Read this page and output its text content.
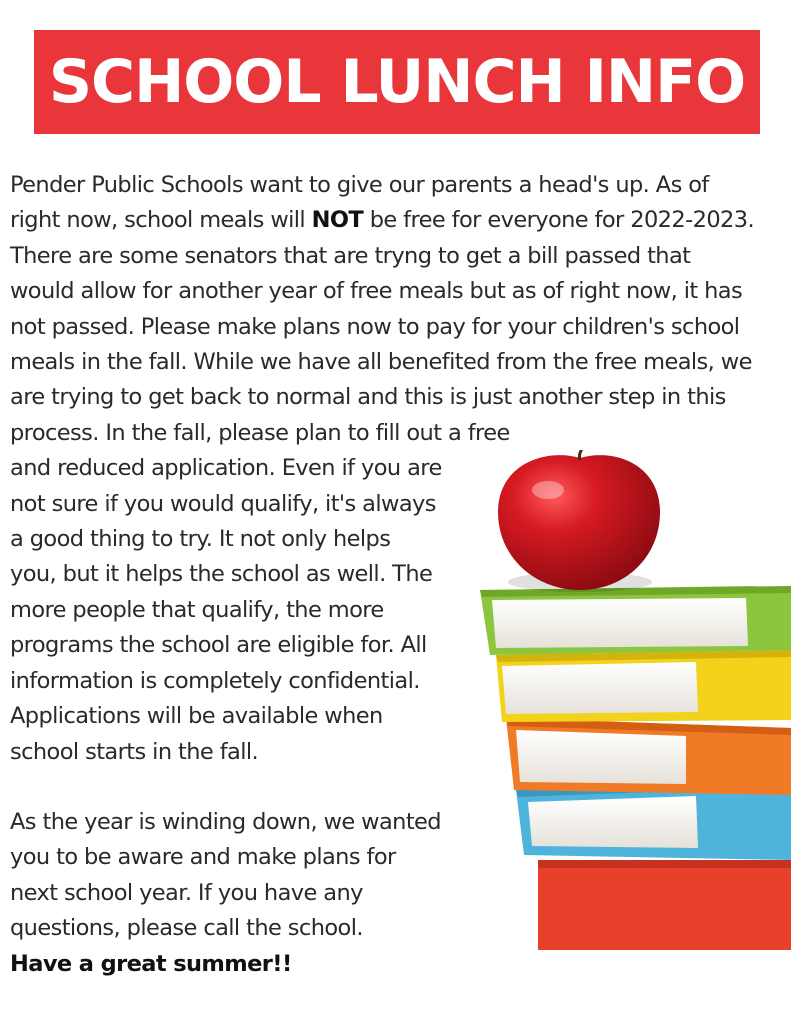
SCHOOL LUNCH INFO
Pender Public Schools want to give our parents a head's up. As of
right now, school meals will NOT be free for everyone for 2022-2023.
There are some senators that are tryng to get a bill passed that
would allow for another year of free meals but as of right now, it has
not passed. Please make plans now to pay for your children's school
meals in the fall. While we have all benefited from the free meals, we
are trying to get back to normal and this is just another step in this
process. In the fall, please plan to fill out a free
and reduced application. Even if you are
not sure if you would qualify, it's always
a good thing to try. It not only helps
you, but it helps the school as well. The
more people that qualify, the more
programs the school are eligible for. All
information is completely confidential.
Applications will be available when
school starts in the fall.
As the year is winding down, we wanted
you to be aware and make plans for
next school year. If you have any
questions, please call the school.
Have a great summer!!
